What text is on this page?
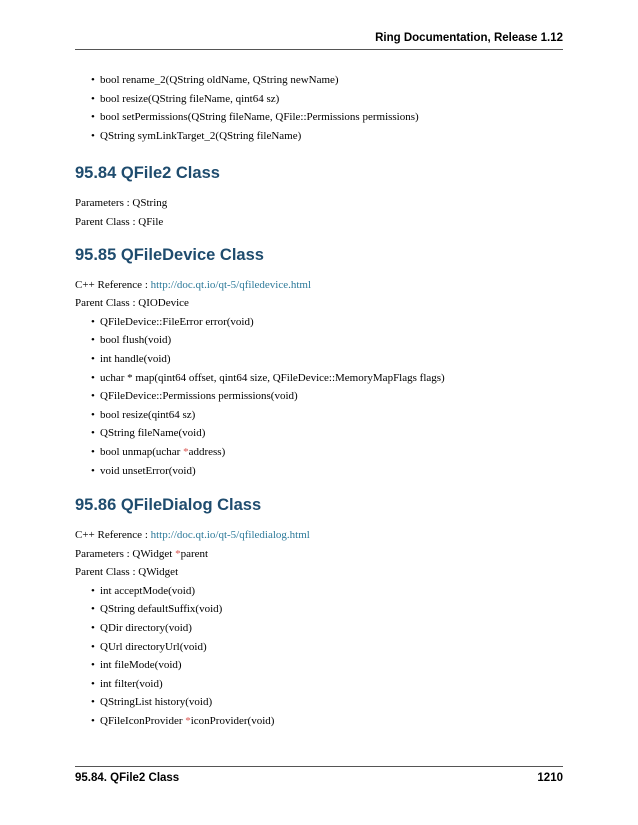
Ring Documentation, Release 1.12
• bool rename_2(QString oldName, QString newName)
• bool resize(QString fileName, qint64 sz)
• bool setPermissions(QString fileName, QFile::Permissions permissions)
• QString symLinkTarget_2(QString fileName)
95.84 QFile2 Class

Parameters : QString

Parent Class : QFile

95.85 QFileDevice Class

C++ Reference : http://doc.qt.io/qt-5/qfiledevice.html

Parent Class : QIODevice

• QFileDevice::FileError error(void)
• bool flush(void)
• int handle(void)
• uchar * map(qint64 offset, qint64 size, QFileDevice::MemoryMapFlags flags)
• QFileDevice::Permissions permissions(void)
• bool resize(qint64 sz)
• QString fileName(void)
• bool unmap(uchar *address)
• void unsetError(void)
95.86 QFileDialog Class

C++ Reference : http://doc.qt.io/qt-5/qfiledialog.html

Parameters : QWidget *parent

Parent Class : QWidget

• int acceptMode(void)
• QString defaultSuffix(void)
• QDir directory(void)
• QUrl directoryUrl(void)
• int fileMode(void)
• int filter(void)
• QStringList history(void)
• QFileIconProvider *iconProvider(void)
95.84. QFile2 Class	1210
